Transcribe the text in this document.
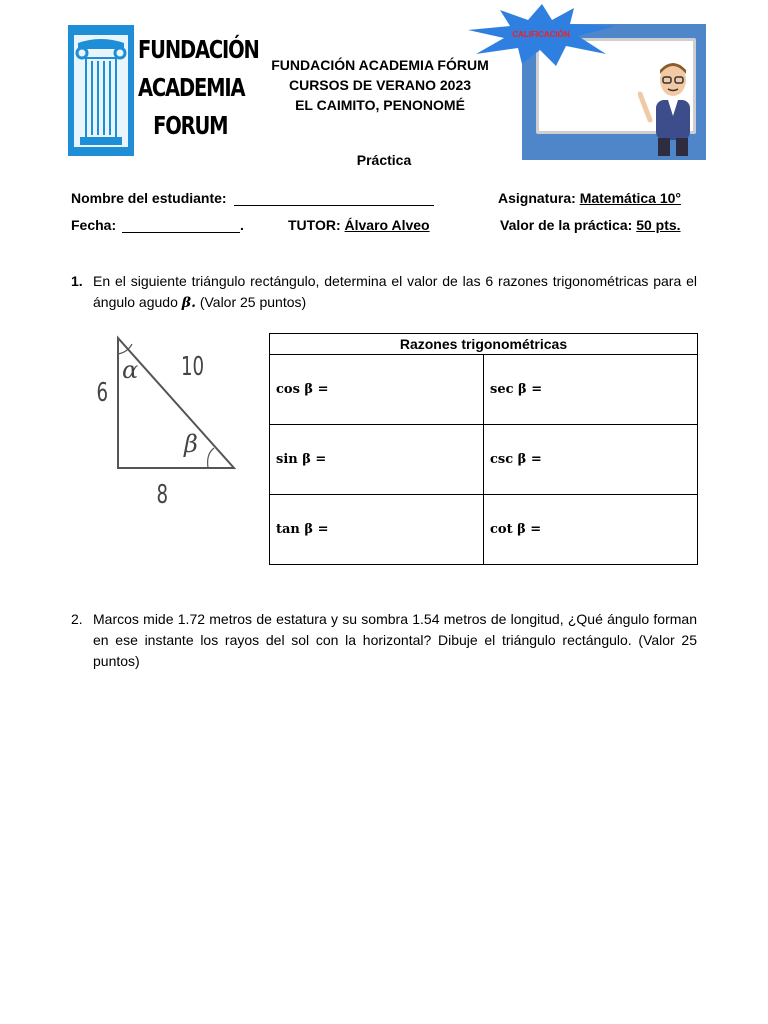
FUNDACIÓN
ACADEMIA
FORUM
FUNDACIÓN ACADEMIA FÓRUM
CURSOS DE VERANO 2023
EL CAIMITO, PENONOMÉ
CALIFICACIÓN
Práctica
Nombre del estudiante:	Asignatura: Matemática 10°
Fecha:	.	TUTOR: Álvaro Alveo	Valor de la práctica: 50 pts.
1. En el siguiente triángulo rectángulo, determina el valor de las 6 razones trigonométricas para el ángulo agudo β. (Valor 25 puntos)
6
10
8
α
β
Razones trigonométricas	
cos β =	sec β =
sin β =	csc β =
tan β =	cot β =
2. Marcos mide 1.72 metros de estatura y su sombra 1.54 metros de longitud, ¿Qué ángulo forman en ese instante los rayos del sol con la horizontal? Dibuje el triángulo rectángulo. (Valor 25 puntos)
